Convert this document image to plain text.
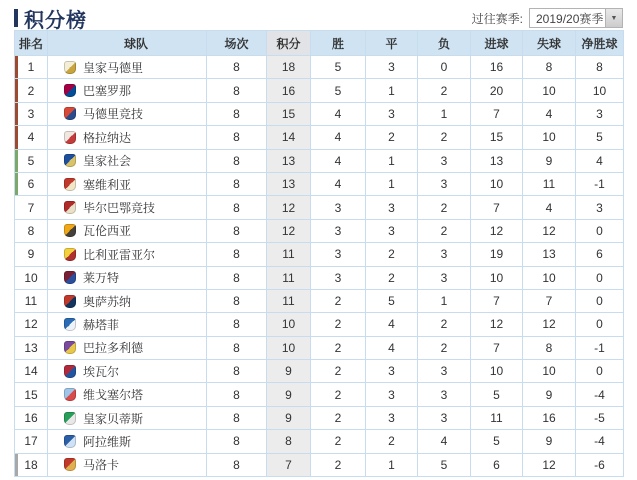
积分榜	过往赛季:	2019/20赛季	▼
排名	球队	场次	积分	胜	平	负	进球	失球	净胜球

1	皇家马德里	8	18	5	3	0	16	8	8

2	巴塞罗那	8	16	5	1	2	20	10	10

3	马德里竞技	8	15	4	3	1	7	4	3

4	格拉纳达	8	14	4	2	2	15	10	5

5	皇家社会	8	13	4	1	3	13	9	4

6	塞维利亚	8	13	4	1	3	10	11	-1

7	毕尔巴鄂竞技	8	12	3	3	2	7	4	3

8	瓦伦西亚	8	12	3	3	2	12	12	0

9	比利亚雷亚尔	8	11	3	2	3	19	13	6

10	莱万特	8	11	3	2	3	10	10	0

11	奥萨苏纳	8	11	2	5	1	7	7	0

12	赫塔菲	8	10	2	4	2	12	12	0

13	巴拉多利德	8	10	2	4	2	7	8	-1

14	埃瓦尔	8	9	2	3	3	10	10	0

15	维戈塞尔塔	8	9	2	3	3	5	9	-4

16	皇家贝蒂斯	8	9	2	3	3	11	16	-5

17	阿拉维斯	8	8	2	2	4	5	9	-4

18	马洛卡	8	7	2	1	5	6	12	-6
